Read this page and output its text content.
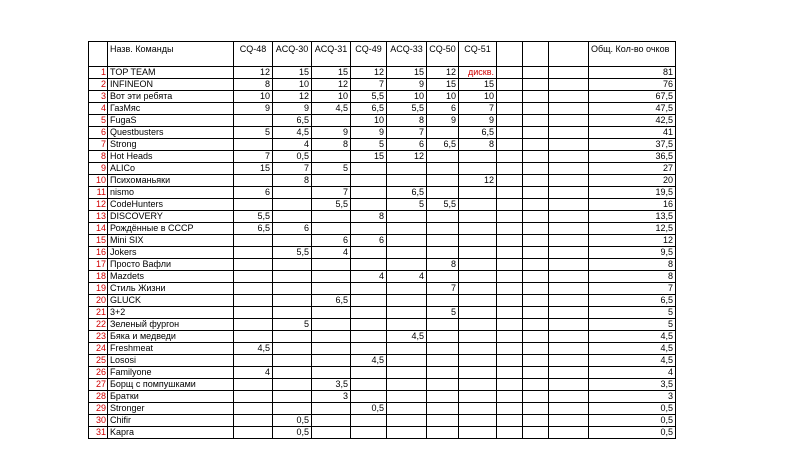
	Назв. Команды	CQ-48	ACQ-30	ACQ-31	CQ-49	ACQ-33	CQ-50	CQ-51				Общ. Кол-во очков
1	TOP TEAM	12	15	15	12	15	12	дискв.				81
2	INFINEON	8	10	12	7	9	15	15				76
3	Вот эти ребята	10	12	10	5,5	10	10	10				67,5
4	ГазМяс	9	9	4,5	6,5	5,5	6	7				47,5
5	FugaS		6,5		10	8	9	9				42,5
6	Questbusters	5	4,5	9	9	7		6,5				41
7	Strong		4	8	5	6	6,5	8				37,5
8	Hot Heads	7	0,5		15	12						36,5
9	ALICo	15	7	5								27
10	Психоманьяки		8					12				20
11	nismo	6		7		6,5						19,5
12	CodeHunters			5,5		5	5,5					16
13	DISCOVERY	5,5			8							13,5
14	Рождённые в СССР	6,5	6									12,5
15	Mini SIX			6	6							12
16	Jokers		5,5	4								9,5
17	Просто Вафли						8					8
18	Mazdets				4	4						8
19	Стиль Жизни						7					7
20	GLUCK			6,5								6,5
21	3+2						5					5
22	Зеленый фургон		5									5
23	Бяка и медведи					4,5						4,5
24	Freshmeat	4,5										4,5
25	Lososi				4,5							4,5
26	Familyone	4										4
27	Борщ с помпушками			3,5								3,5
28	Братки			3								3
29	Stronger				0,5							0,5
30	Chifir		0,5									0,5
31	Kapra		0,5									0,5
